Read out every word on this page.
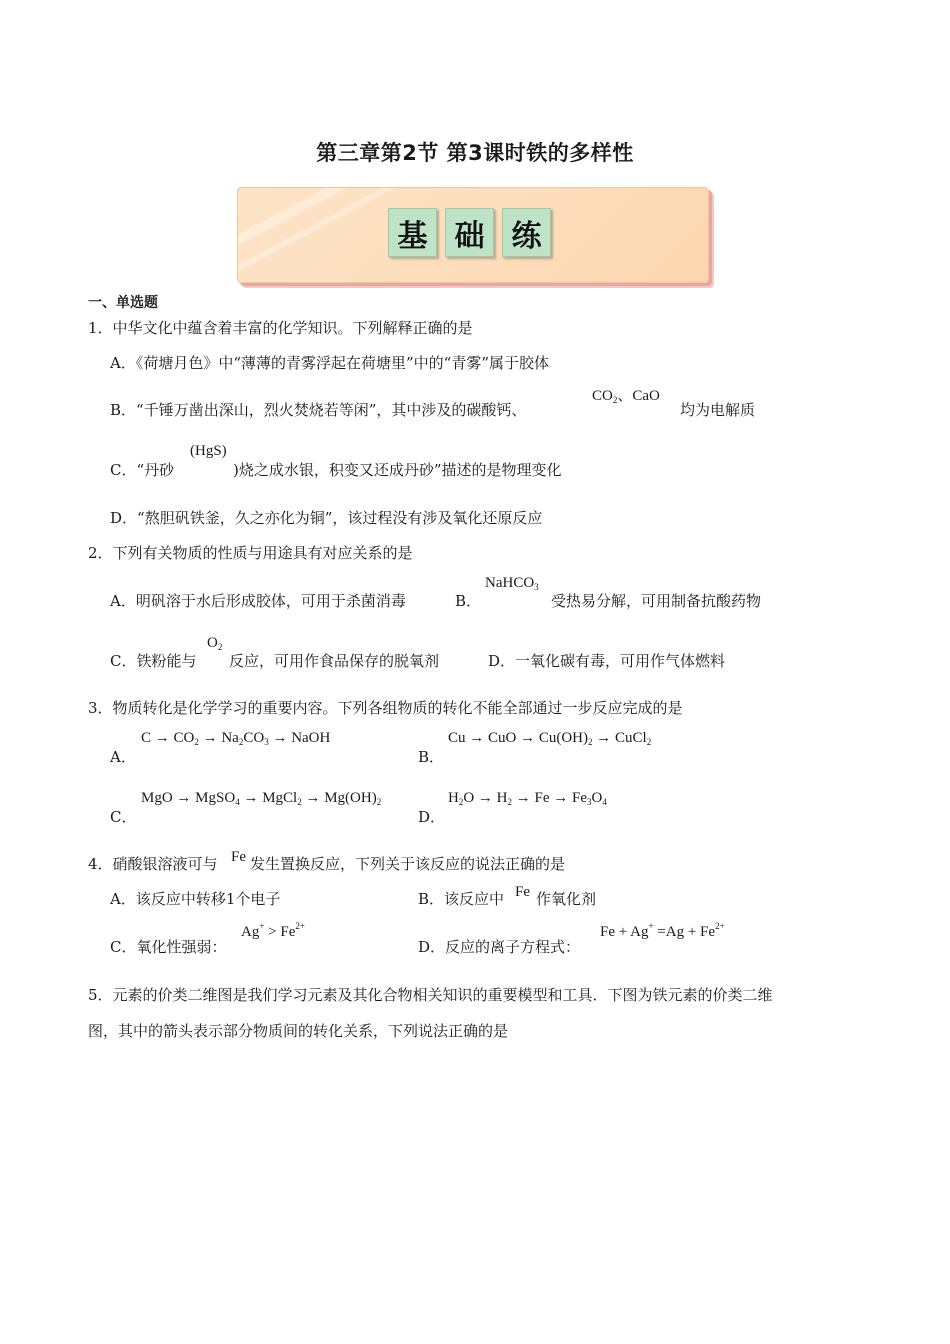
第三章第2节 第3课时铁的多样性
基 础 练
一、单选题
1．中华文化中蕴含着丰富的化学知识。下列解释正确的是
A．《荷塘月色》中“薄薄的青雾浮起在荷塘里”中的“青雾”属于胶体
B．“千锤万凿出深山，烈火焚烧若等闲”，其中涉及的碳酸钙、
$CO_2$、CaO
均为电解质
C．“丹砂
(HgS)
)烧之成水银，积变又还成丹砂”描述的是物理变化
D．“熬胆矾铁釜，久之亦化为铜”，该过程没有涉及氧化还原反应
2．下列有关物质的性质与用途具有对应关系的是
A．明矾溶于水后形成胶体，可用于杀菌消毒	B．
NaHCO$_3$
受热易分解，可用制备抗酸药物
C．铁粉能与
$O_2$
反应，可用作食品保存的脱氧剂	D．一氧化碳有毒，可用作气体燃料
3．物质转化是化学学习的重要内容。下列各组物质的转化不能全部通过一步反应完成的是
A．
$C \to CO_2 \to Na_2CO_3$ → NaOH
B．
Cu → CuO → $Cu(OH)_2$ → CuCl$_2$
C．
MgO → MgSO$_4$ → MgCl$_2$ → $Mg(OH)_2$
D．
$H_2O \to H_2 \to Fe \to Fe_3O_4$
4．硝酸银溶液可与 Fe 发生置换反应，下列关于该反应的说法正确的是
A．该反应中转移1个电子	B．该反应中 Fe 作氧化剂
C．氧化性强弱：
$Ag^+ > Fe^{2+}$
D．反应的离子方程式：
$Fe + Ag^+ =Ag + Fe^{2+}$
5．元素的价类二维图是我们学习元素及其化合物相关知识的重要模型和工具．下图为铁元素的价类二维
图，其中的箭头表示部分物质间的转化关系，下列说法正确的是
